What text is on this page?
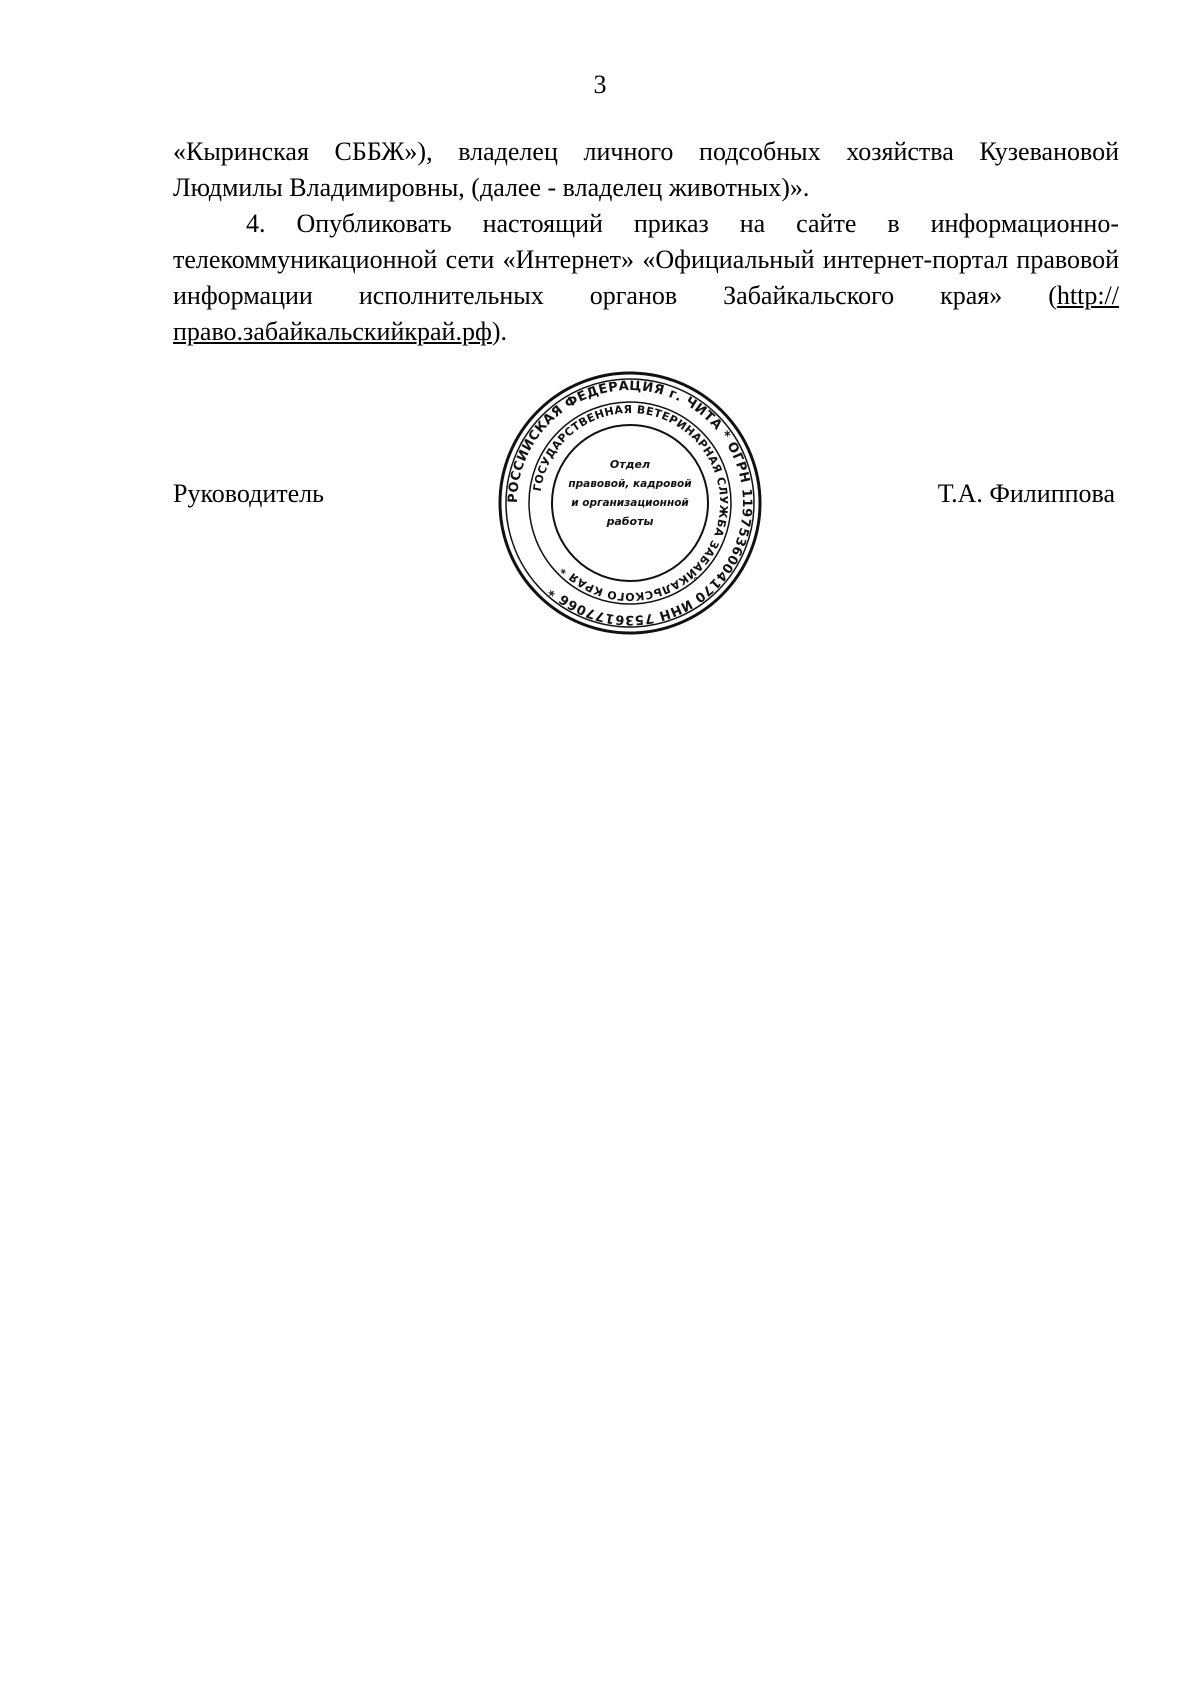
3

«Кыринская СББЖ»), владелец личного подсобных хозяйства Кузевановой Людмилы Владимировны, (далее - владелец животных)».

4. Опубликовать настоящий приказ на сайте в информационно-телекоммуникационной сети «Интернет» «Официальный интернет-портал правовой информации исполнительных органов Забайкальского края» (http://право.забайкальскийкрай.рф).

Руководитель	Т.А. Филиппова
РОССИЙСКАЯ ФЕДЕРАЦИЯ г. ЧИТА * ОГРН 1197536004170 ИНН 7536177066 *
ГОСУДАРСТВЕННАЯ ВЕТЕРИНАРНАЯ СЛУЖБА ЗАБАЙКАЛЬСКОГО КРАЯ *
Отдел
правовой, кадровой
и организационной
работы
